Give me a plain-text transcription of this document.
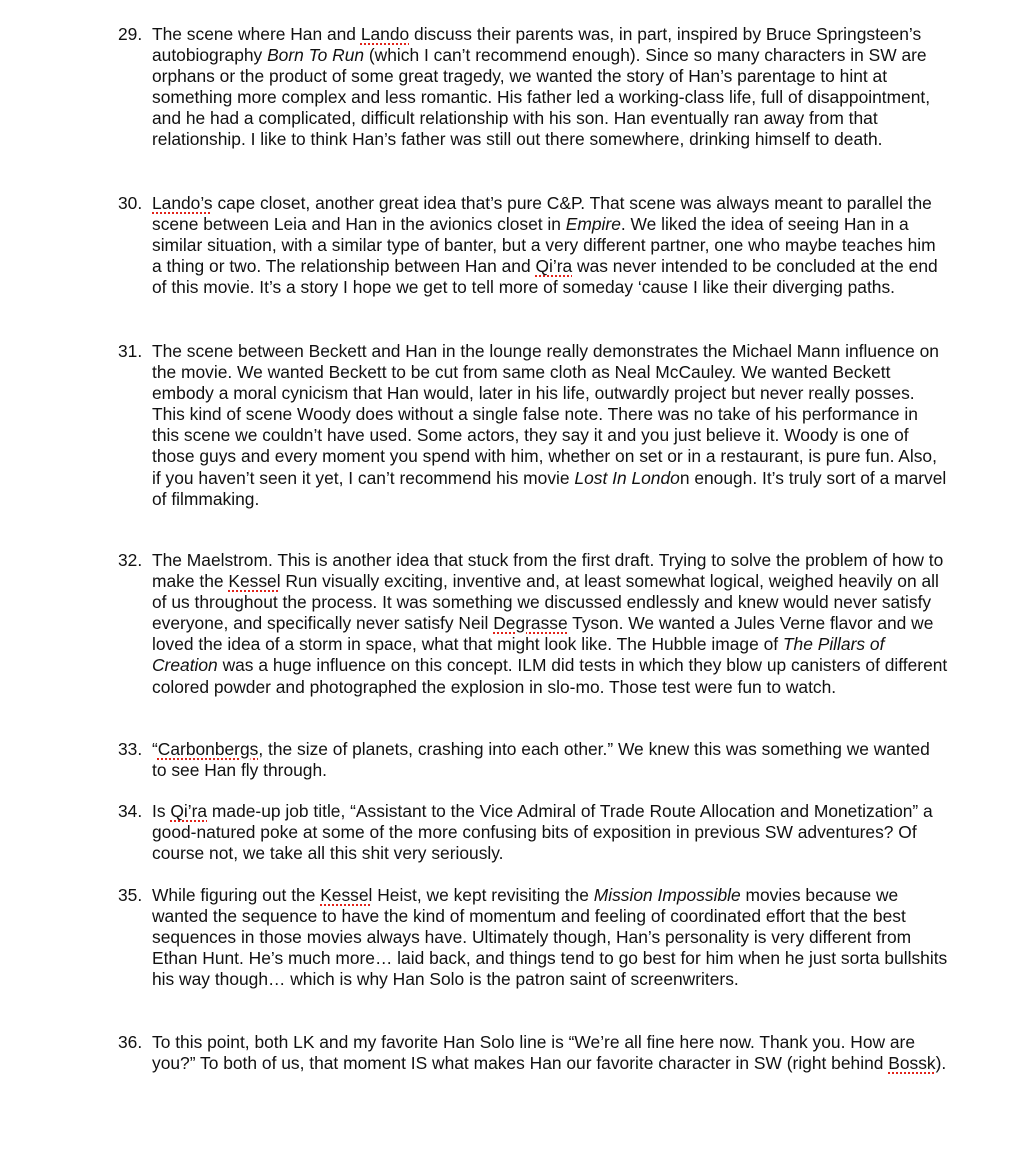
29. The scene where Han and Lando discuss their parents was, in part, inspired by Bruce Springsteen’s autobiography Born To Run (which I can’t recommend enough). Since so many characters in SW are orphans or the product of some great tragedy, we wanted the story of Han’s parentage to hint at something more complex and less romantic. His father led a working-class life, full of disappointment, and he had a complicated, difficult relationship with his son. Han eventually ran away from that relationship. I like to think Han’s father was still out there somewhere, drinking himself to death.
30. Lando’s cape closet, another great idea that’s pure C&P. That scene was always meant to parallel the scene between Leia and Han in the avionics closet in Empire. We liked the idea of seeing Han in a similar situation, with a similar type of banter, but a very different partner, one who maybe teaches him a thing or two. The relationship between Han and Qi’ra was never intended to be concluded at the end of this movie. It’s a story I hope we get to tell more of someday ‘cause I like their diverging paths.
31. The scene between Beckett and Han in the lounge really demonstrates the Michael Mann influence on the movie. We wanted Beckett to be cut from same cloth as Neal McCauley. We wanted Beckett embody a moral cynicism that Han would, later in his life, outwardly project but never really posses. This kind of scene Woody does without a single false note. There was no take of his performance in this scene we couldn’t have used. Some actors, they say it and you just believe it. Woody is one of those guys and every moment you spend with him, whether on set or in a restaurant, is pure fun. Also, if you haven’t seen it yet, I can’t recommend his movie Lost In London enough. It’s truly sort of a marvel of filmmaking.
32. The Maelstrom. This is another idea that stuck from the first draft. Trying to solve the problem of how to make the Kessel Run visually exciting, inventive and, at least somewhat logical, weighed heavily on all of us throughout the process. It was something we discussed endlessly and knew would never satisfy everyone, and specifically never satisfy Neil Degrasse Tyson. We wanted a Jules Verne flavor and we loved the idea of a storm in space, what that might look like. The Hubble image of The Pillars of Creation was a huge influence on this concept. ILM did tests in which they blow up canisters of different colored powder and photographed the explosion in slo-mo. Those test were fun to watch.
33. “Carbonbergs, the size of planets, crashing into each other.” We knew this was something we wanted to see Han fly through.
34. Is Qi’ra made-up job title, “Assistant to the Vice Admiral of Trade Route Allocation and Monetization” a good-natured poke at some of the more confusing bits of exposition in previous SW adventures? Of course not, we take all this shit very seriously.
35. While figuring out the Kessel Heist, we kept revisiting the Mission Impossible movies because we wanted the sequence to have the kind of momentum and feeling of coordinated effort that the best sequences in those movies always have. Ultimately though, Han’s personality is very different from Ethan Hunt. He’s much more… laid back, and things tend to go best for him when he just sorta bullshits his way though… which is why Han Solo is the patron saint of screenwriters.
36. To this point, both LK and my favorite Han Solo line is “We’re all fine here now. Thank you. How are you?” To both of us, that moment IS what makes Han our favorite character in SW (right behind Bossk).
